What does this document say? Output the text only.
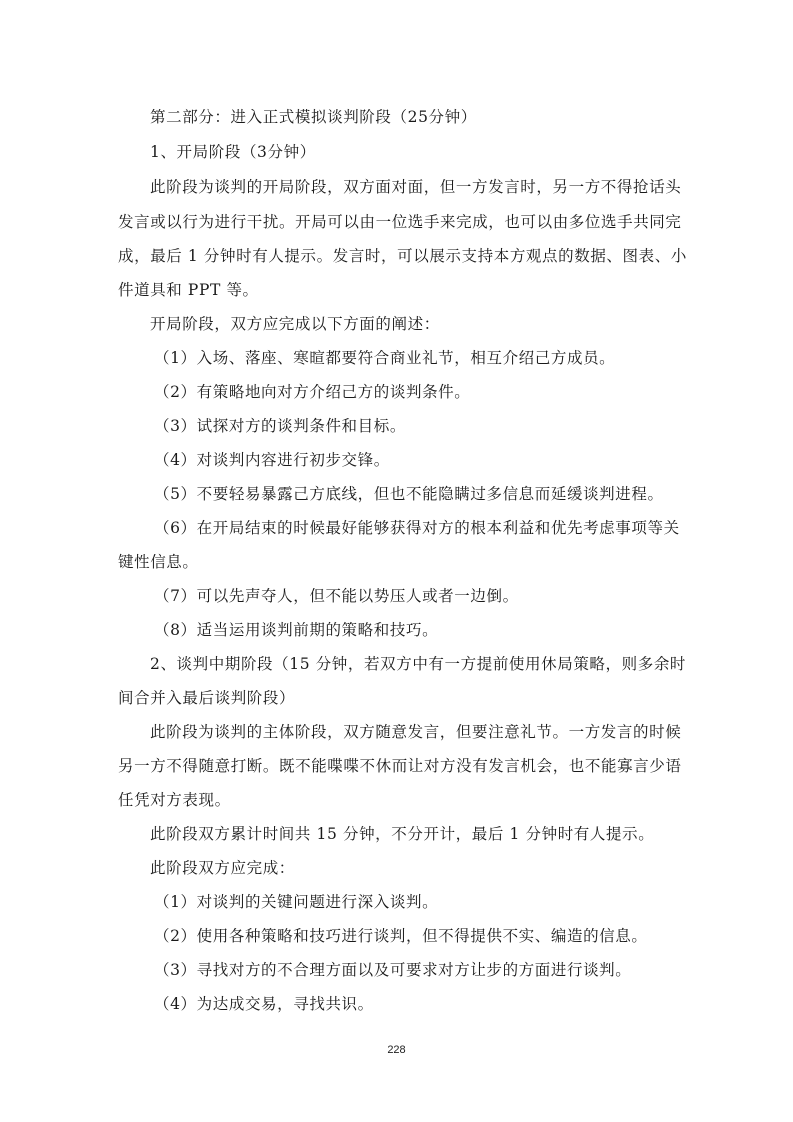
第二部分：进入正式模拟谈判阶段（25分钟）
1、开局阶段（3分钟）
此阶段为谈判的开局阶段，双方面对面，但一方发言时，另一方不得抢话头
发言或以行为进行干扰。开局可以由一位选手来完成，也可以由多位选手共同完
成，最后 1 分钟时有人提示。发言时，可以展示支持本方观点的数据、图表、小
件道具和 PPT 等。
开局阶段，双方应完成以下方面的阐述：
（1）入场、落座、寒暄都要符合商业礼节，相互介绍己方成员。
（2）有策略地向对方介绍己方的谈判条件。
（3）试探对方的谈判条件和目标。
（4）对谈判内容进行初步交锋。
（5）不要轻易暴露己方底线，但也不能隐瞒过多信息而延缓谈判进程。
（6）在开局结束的时候最好能够获得对方的根本利益和优先考虑事项等关
键性信息。
（7）可以先声夺人，但不能以势压人或者一边倒。
（8）适当运用谈判前期的策略和技巧。
2、谈判中期阶段（15 分钟，若双方中有一方提前使用休局策略，则多余时
间合并入最后谈判阶段）
此阶段为谈判的主体阶段，双方随意发言，但要注意礼节。一方发言的时候
另一方不得随意打断。既不能喋喋不休而让对方没有发言机会，也不能寡言少语
任凭对方表现。
此阶段双方累计时间共 15 分钟，不分开计，最后 1 分钟时有人提示。
此阶段双方应完成：
（1）对谈判的关键问题进行深入谈判。
（2）使用各种策略和技巧进行谈判，但不得提供不实、编造的信息。
（3）寻找对方的不合理方面以及可要求对方让步的方面进行谈判。
（4）为达成交易，寻找共识。
228
